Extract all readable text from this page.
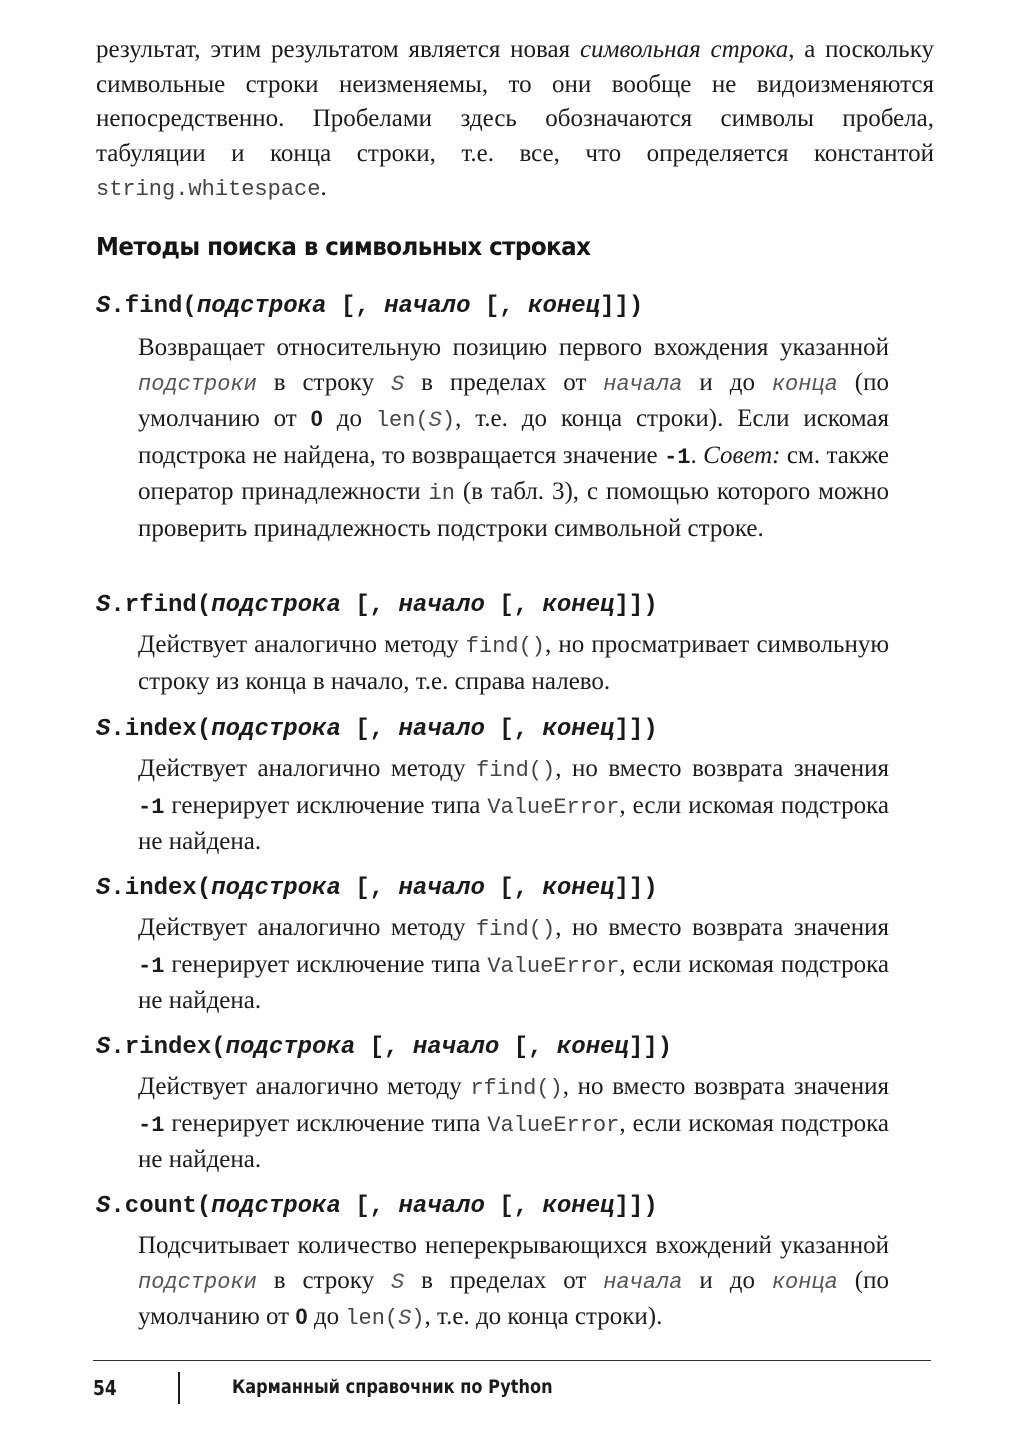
результат, этим результатом является новая символьная строка, а поскольку символьные строки неизменяемы, то они вообще не видоизменяются непосредственно. Пробелами здесь обозначаются символы пробела, табуляции и конца строки, т.е. все, что определяется константой string.whitespace.

Методы поиска в символьных строках

S.find(подстрока [, начало [, конец]])

Возвращает относительную позицию первого вхождения указанной подстроки в строку S в пределах от начала и до конца (по умолчанию от 0 до len(S), т.е. до конца строки). Если искомая подстрока не найдена, то возвращается значение -1. Совет: см. также оператор принадлежности in (в табл. 3), с помощью которого можно проверить принадлежность подстроки символьной строке.

S.rfind(подстрока [, начало [, конец]])

Действует аналогично методу find(), но просматривает символьную строку из конца в начало, т.е. справа налево.

S.index(подстрока [, начало [, конец]])

Действует аналогично методу find(), но вместо возврата значения -1 генерирует исключение типа ValueError, если искомая подстрока не найдена.

S.index(подстрока [, начало [, конец]])

Действует аналогично методу find(), но вместо возврата значения -1 генерирует исключение типа ValueError, если искомая подстрока не найдена.

S.rindex(подстрока [, начало [, конец]])

Действует аналогично методу rfind(), но вместо возврата значения -1 генерирует исключение типа ValueError, если искомая подстрока не найдена.

S.count(подстрока [, начало [, конец]])

Подсчитывает количество неперекрывающихся вхождений указанной подстроки в строку S в пределах от начала и до конца (по умолчанию от 0 до len(S), т.е. до конца строки).

54	Карманный справочник по Python
